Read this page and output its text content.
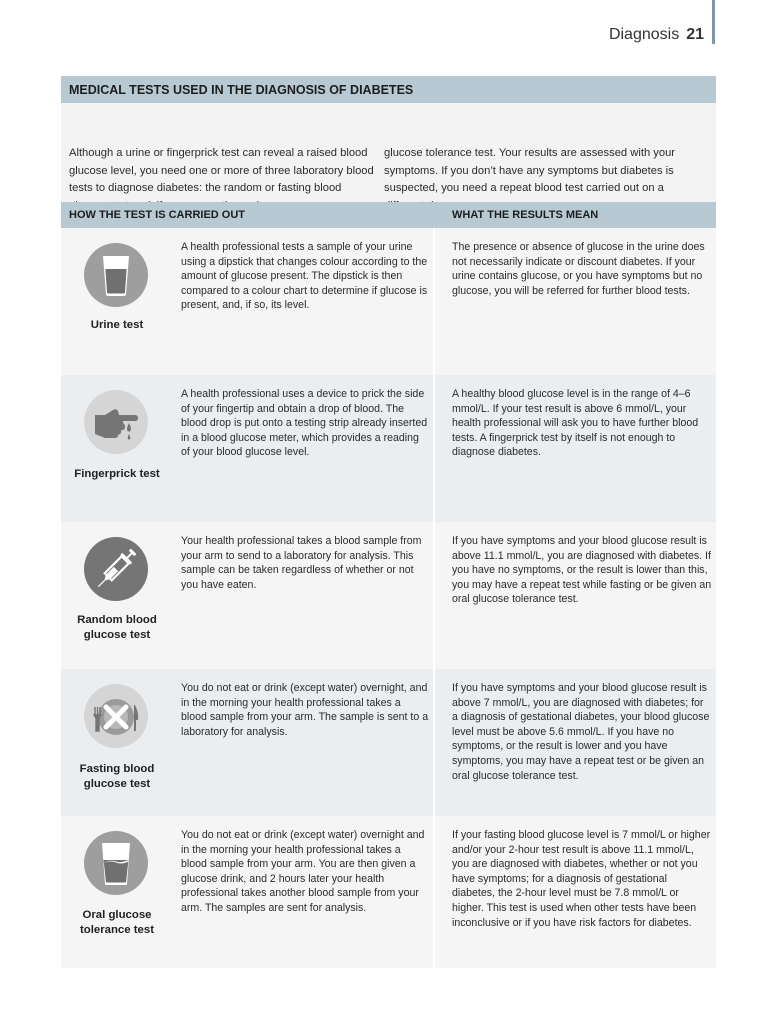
Diagnosis 21
MEDICAL TESTS USED IN THE DIAGNOSIS OF DIABETES

Although a urine or fingerprick test can reveal a raised blood glucose level, you need one or more of three laboratory blood tests to diagnose diabetes: the random or fasting blood

glucose tolerance test. Your results are assessed with your symptoms. If you don’t have any symptoms but diabetes is suspected, you need a repeat blood test carried out on a

HOW THE TEST IS CARRIED OUT	WHAT THE RESULTS MEAN
Urine test
A health professional tests a sample of your urine using a dipstick that changes colour according to the amount of glucose present. The dipstick is then compared to a colour chart to determine if glucose is present, and, if so, its level.
The presence or absence of glucose in the urine does not necessarily indicate or discount diabetes. If your urine contains glucose, or you have symptoms but no glucose, you will be referred for further blood tests.
Fingerprick test
A health professional uses a device to prick the side of your fingertip and obtain a drop of blood. The blood drop is put onto a testing strip already inserted in a blood glucose meter, which provides a reading of your blood glucose level.
A healthy blood glucose level is in the range of 4–6 mmol/L. If your test result is above 6 mmol/L, your health professional will ask you to have further blood tests. A fingerprick test by itself is not enough to diagnose diabetes.
Random blood glucose test
Your health professional takes a blood sample from your arm to send to a laboratory for analysis. This sample can be taken regardless of whether or not you have eaten.
If you have symptoms and your blood glucose result is above 11.1 mmol/L, you are diagnosed with diabetes. If you have no symptoms, or the result is lower than this, you may have a repeat test while fasting or be given an oral glucose tolerance test.
Fasting blood glucose test
You do not eat or drink (except water) overnight, and in the morning your health professional takes a blood sample from your arm. The sample is sent to a laboratory for analysis.
If you have symptoms and your blood glucose result is above 7 mmol/L, you are diagnosed with diabetes; for a diagnosis of gestational diabetes, your blood glucose level must be above 5.6 mmol/L. If you have no symptoms, or the result is lower and you have symptoms, you may have a repeat test or be given an oral glucose tolerance test.
Oral glucose tolerance test
You do not eat or drink (except water) overnight and in the morning your health professional takes a blood sample from your arm. You are then given a glucose drink, and 2 hours later your health professional takes another blood sample from your arm. The samples are sent for analysis.
If your fasting blood glucose level is 7 mmol/L or higher and/or your 2-hour test result is above 11.1 mmol/L, you are diagnosed with diabetes, whether or not you have symptoms; for a diagnosis of gestational diabetes, the 2-hour level must be 7.8 mmol/L or higher. This test is used when other tests have been inconclusive or if you have risk factors for diabetes.
